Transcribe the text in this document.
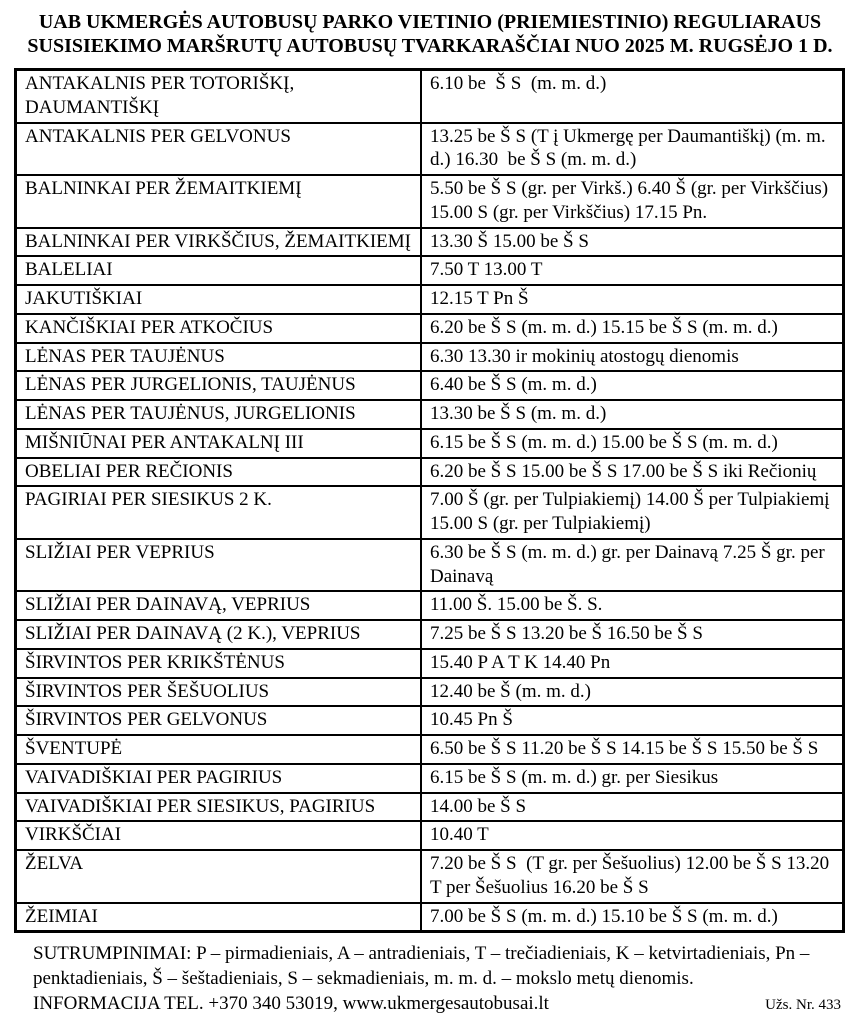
UAB UKMERGĖS AUTOBUSŲ PARKO VIETINIO (PRIEMIESTINIO) REGULIARAUS SUSISIEKIMO MARŠRUTŲ AUTOBUSŲ TVARKARAŠČIAI NUO 2025 M. RUGSĖJO 1 D.
ANTAKALNIS PER TOTORIŠKĮ, DAUMANTIŠKĮ	6.10 be  Š S  (m. m. d.)
ANTAKALNIS PER GELVONUS	13.25 be Š S (T į Ukmergę per Daumantiškį) (m. m. d.) 16.30  be Š S (m. m. d.)
BALNINKAI PER ŽEMAITKIEMĮ	5.50 be Š S (gr. per Virkš.) 6.40 Š (gr. per Virkščius) 15.00 S (gr. per Virkščius) 17.15 Pn.
BALNINKAI PER VIRKŠČIUS, ŽEMAITKIEMĮ	13.30 Š 15.00 be Š S
BALELIAI	7.50 T 13.00 T
JAKUTIŠKIAI	12.15 T Pn Š
KANČIŠKIAI PER ATKOČIUS	6.20 be Š S (m. m. d.) 15.15 be Š S (m. m. d.)
LĖNAS PER TAUJĖNUS	6.30 13.30 ir mokinių atostogų dienomis
LĖNAS PER JURGELIONIS, TAUJĖNUS	6.40 be Š S (m. m. d.)
LĖNAS PER TAUJĖNUS, JURGELIONIS	13.30 be Š S (m. m. d.)
MIŠNIŪNAI PER ANTAKALNĮ III	6.15 be Š S (m. m. d.) 15.00 be Š S (m. m. d.)
OBELIAI PER REČIONIS	6.20 be Š S 15.00 be Š S 17.00 be Š S iki Rečionių
PAGIRIAI PER SIESIKUS 2 K.	7.00 Š (gr. per Tulpiakiemį) 14.00 Š per Tulpiakiemį 15.00 S (gr. per Tulpiakiemį)
SLIŽIAI PER VEPRIUS	6.30 be Š S (m. m. d.) gr. per Dainavą 7.25 Š gr. per Dainavą
SLIŽIAI PER DAINAVĄ, VEPRIUS	11.00 Š. 15.00 be Š. S.
SLIŽIAI PER DAINAVĄ (2 K.), VEPRIUS	7.25 be Š S 13.20 be Š 16.50 be Š S
ŠIRVINTOS PER KRIKŠTĖNUS	15.40 P A T K 14.40 Pn
ŠIRVINTOS PER ŠEŠUOLIUS	12.40 be Š (m. m. d.)
ŠIRVINTOS PER GELVONUS	10.45 Pn Š
ŠVENTUPĖ	6.50 be Š S 11.20 be Š S 14.15 be Š S 15.50 be Š S
VAIVADIŠKIAI PER PAGIRIUS	6.15 be Š S (m. m. d.) gr. per Siesikus
VAIVADIŠKIAI PER SIESIKUS, PAGIRIUS	14.00 be Š S
VIRKŠČIAI	10.40 T
ŽELVA	7.20 be Š S  (T gr. per Šešuolius) 12.00 be Š S 13.20 T per Šešuolius 16.20 be Š S
ŽEIMIAI	7.00 be Š S (m. m. d.) 15.10 be Š S (m. m. d.)

SUTRUMPINIMAI: P – pirmadieniais, A – antradieniais, T – trečiadieniais, K – ketvirtadieniais, Pn – penktadieniais, Š – šeštadieniais, S – sekmadieniais, m. m. d. – mokslo metų dienomis.

INFORMACIJA TEL. +370 340 53019, www.ukmergesautobusai.lt	Užs. Nr. 433
